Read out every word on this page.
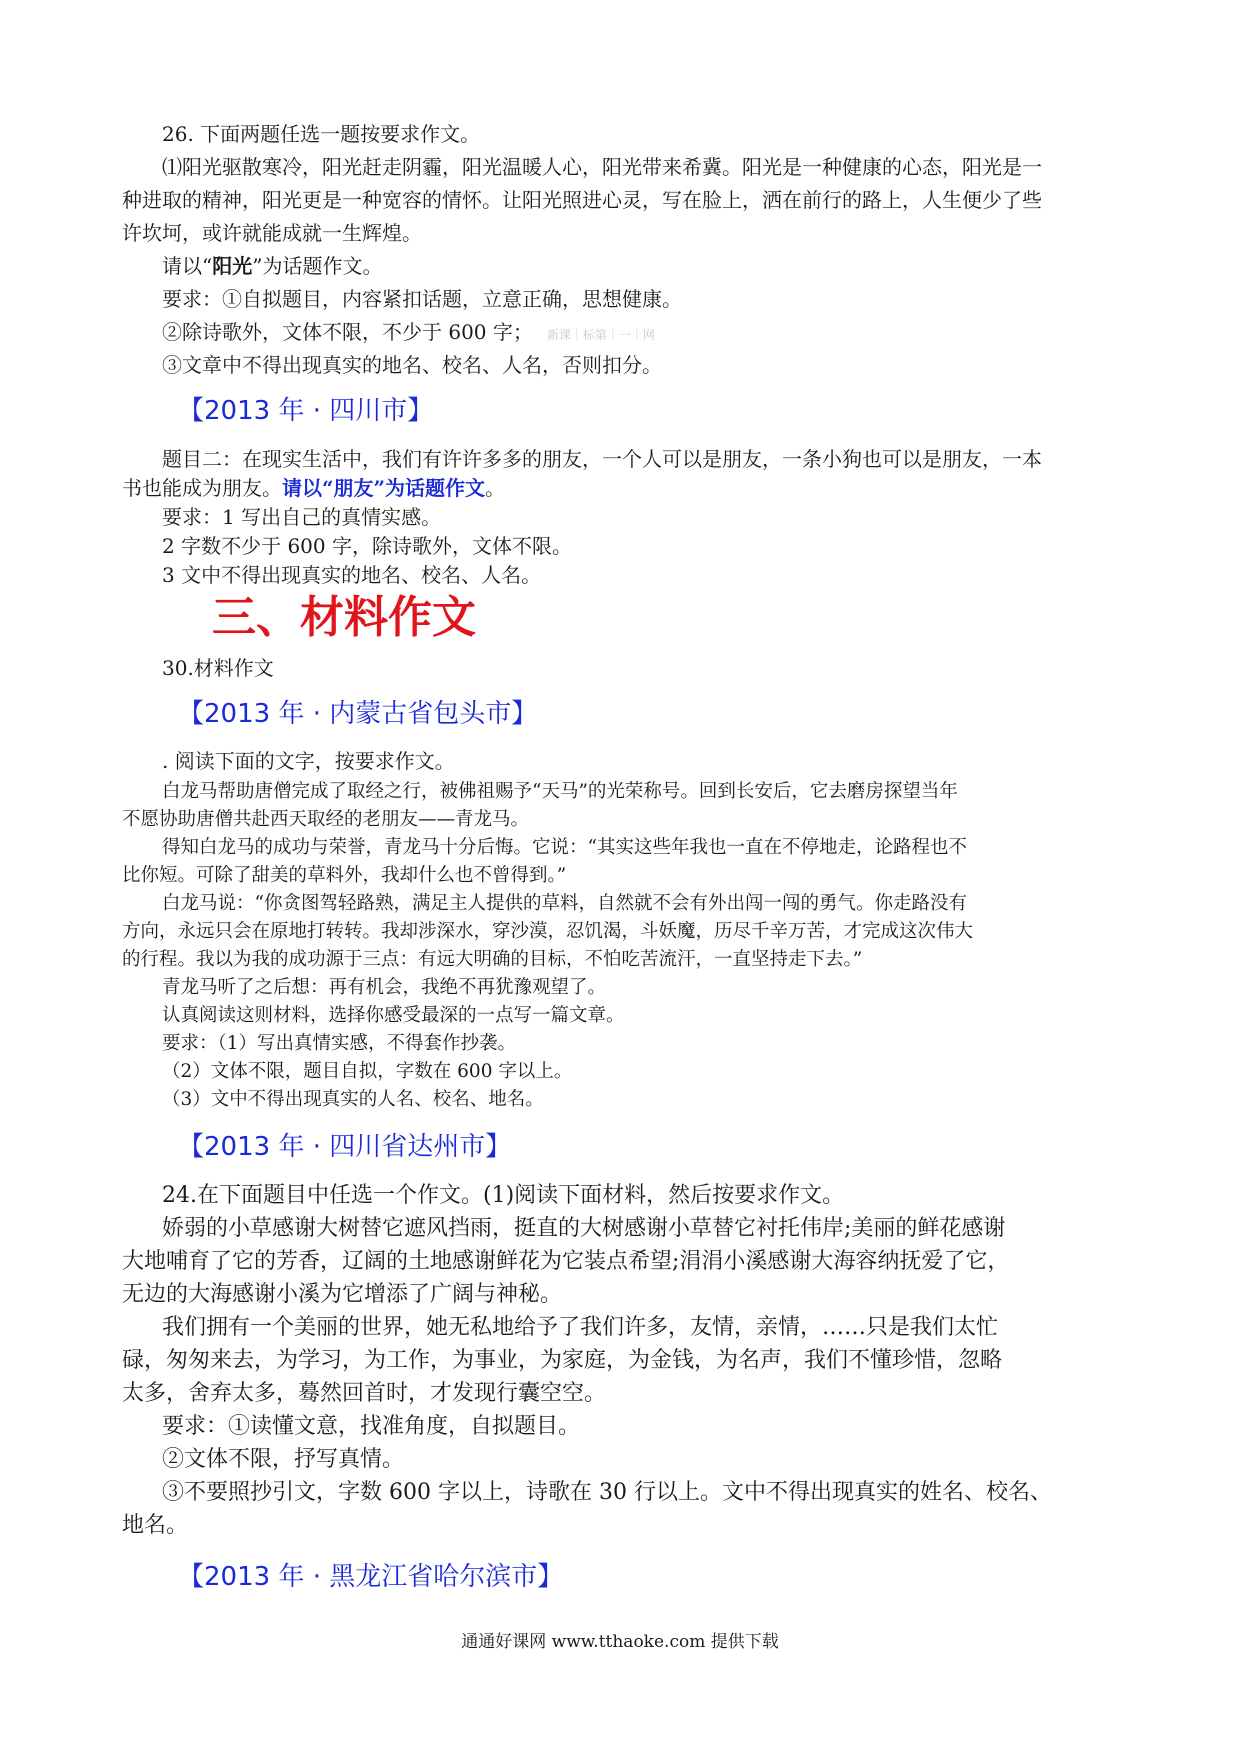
26. 下面两题任选一题按要求作文。
⑴阳光驱散寒冷，阳光赶走阴霾，阳光温暖人心，阳光带来希冀。阳光是一种健康的心态，阳光是一
种进取的精神，阳光更是一种宽容的情怀。让阳光照进心灵，写在脸上，洒在前行的路上，人生便少了些
许坎坷，或许就能成就一生辉煌。
请以“阳光”为话题作文。
要求：①自拟题目，内容紧扣话题，立意正确，思想健康。
②除诗歌外，文体不限，不少于 600 字； 新课｜标第｜一｜网
③文章中不得出现真实的地名、校名、人名，否则扣分。
【2013 年 · 四川市】
题目二：在现实生活中，我们有许许多多的朋友，一个人可以是朋友，一条小狗也可以是朋友，一本
书也能成为朋友。请以“朋友”为话题作文。
要求：1 写出自己的真情实感。
2 字数不少于 600 字，除诗歌外，文体不限。
3 文中不得出现真实的地名、校名、人名。
三、材料作文
30.材料作文
【2013 年 · 内蒙古省包头市】
. 阅读下面的文字，按要求作文。
白龙马帮助唐僧完成了取经之行，被佛祖赐予“天马”的光荣称号。回到长安后，它去磨房探望当年
不愿协助唐僧共赴西天取经的老朋友——青龙马。
得知白龙马的成功与荣誉，青龙马十分后悔。它说：“其实这些年我也一直在不停地走，论路程也不
比你短。可除了甜美的草料外，我却什么也不曾得到。”
白龙马说：“你贪图驾轻路熟，满足主人提供的草料，自然就不会有外出闯一闯的勇气。你走路没有
方向，永远只会在原地打转转。我却涉深水，穿沙漠，忍饥渴，斗妖魔，历尽千辛万苦，才完成这次伟大
的行程。我以为我的成功源于三点：有远大明确的目标，不怕吃苦流汗，一直坚持走下去。”
青龙马听了之后想：再有机会，我绝不再犹豫观望了。
认真阅读这则材料，选择你感受最深的一点写一篇文章。
要求：（1）写出真情实感，不得套作抄袭。
（2）文体不限，题目自拟，字数在 600 字以上。
（3）文中不得出现真实的人名、校名、地名。
【2013 年 · 四川省达州市】
24.在下面题目中任选一个作文。(1)阅读下面材料，然后按要求作文。
娇弱的小草感谢大树替它遮风挡雨，挺直的大树感谢小草替它衬托伟岸;美丽的鲜花感谢
大地哺育了它的芳香，辽阔的土地感谢鲜花为它装点希望;涓涓小溪感谢大海容纳抚爱了它，
无边的大海感谢小溪为它增添了广阔与神秘。
我们拥有一个美丽的世界，她无私地给予了我们许多，友情，亲情，……只是我们太忙
碌，匆匆来去，为学习，为工作，为事业，为家庭，为金钱，为名声，我们不懂珍惜，忽略
太多，舍弃太多，蓦然回首时，才发现行囊空空。
要求：①读懂文意，找准角度，自拟题目。
②文体不限，抒写真情。
③不要照抄引文，字数 600 字以上，诗歌在 30 行以上。文中不得出现真实的姓名、校名、
地名。
【2013 年 · 黑龙江省哈尔滨市】
通通好课网 www.tthaoke.com 提供下载
